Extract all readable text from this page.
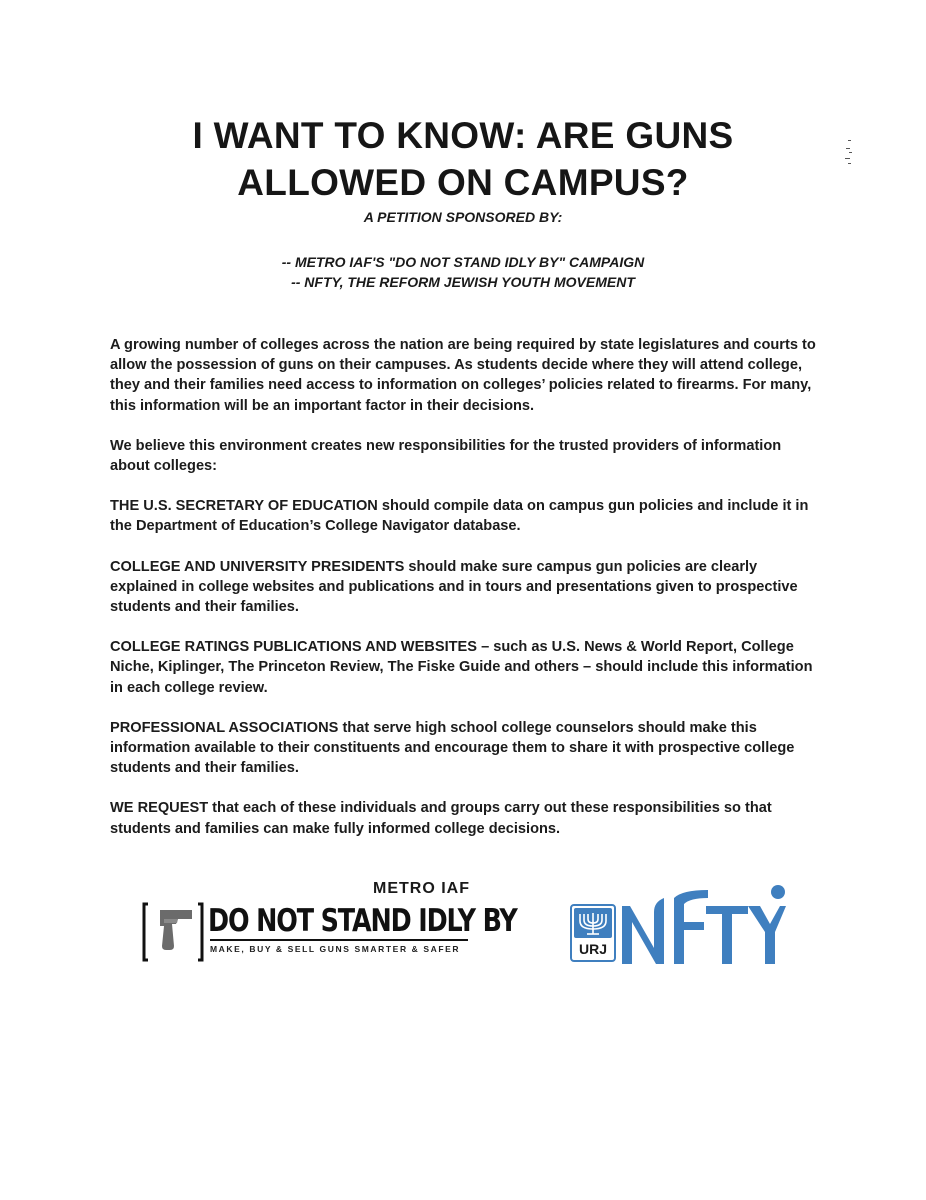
I WANT TO KNOW: ARE GUNS ALLOWED ON CAMPUS?
A PETITION SPONSORED BY:
-- METRO IAF'S "DO NOT STAND IDLY BY" CAMPAIGN
-- NFTY, THE REFORM JEWISH YOUTH MOVEMENT

A growing number of colleges across the nation are being required by state legislatures and courts to allow the possession of guns on their campuses. As students decide where they will attend college, they and their families need access to information on colleges’ policies related to firearms. For many, this information will be an important factor in their decisions.

We believe this environment creates new responsibilities for the trusted providers of information about colleges:

THE U.S. SECRETARY OF EDUCATION should compile data on campus gun policies and include it in the Department of Education’s College Navigator database.

COLLEGE AND UNIVERSITY PRESIDENTS should make sure campus gun policies are clearly explained in college websites and publications and in tours and presentations given to prospective students and their families.

COLLEGE RATINGS PUBLICATIONS AND WEBSITES – such as U.S. News & World Report, College Niche, Kiplinger, The Princeton Review, The Fiske Guide and others – should include this information in each college review.

PROFESSIONAL ASSOCIATIONS that serve high school college counselors should make this information available to their constituents and encourage them to share it with prospective college students and their families.

WE REQUEST that each of these individuals and groups carry out these responsibilities so that students and families can make fully informed college decisions.

METRO IAF
DO NOT STAND IDLY BY
MAKE, BUY & SELL GUNS SMARTER & SAFER	URJ
